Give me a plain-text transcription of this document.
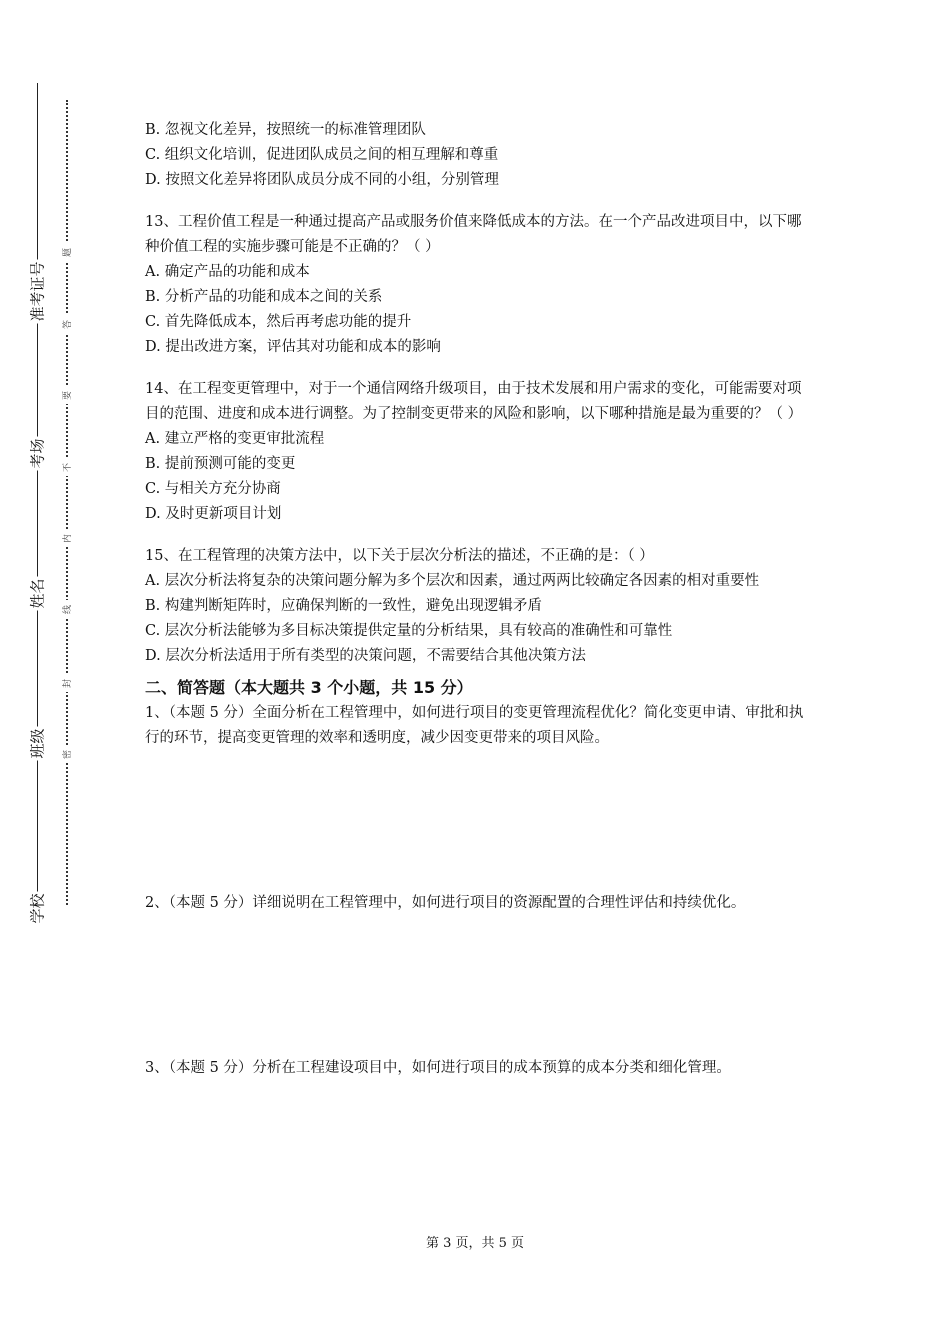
学校
班级
姓名
考场
准考证号
密
封
线
内
不
要
答
题
B. 忽视文化差异，按照统一的标准管理团队
C. 组织文化培训，促进团队成员之间的相互理解和尊重
D. 按照文化差异将团队成员分成不同的小组，分别管理

13、工程价值工程是一种通过提高产品或服务价值来降低成本的方法。在一个产品改进项目中，以下哪种价值工程的实施步骤可能是不正确的？（ ）

A. 确定产品的功能和成本
B. 分析产品的功能和成本之间的关系
C. 首先降低成本，然后再考虑功能的提升
D. 提出改进方案，评估其对功能和成本的影响

14、在工程变更管理中，对于一个通信网络升级项目，由于技术发展和用户需求的变化，可能需要对项目的范围、进度和成本进行调整。为了控制变更带来的风险和影响，以下哪种措施是最为重要的？（ ）

A. 建立严格的变更审批流程
B. 提前预测可能的变更
C. 与相关方充分协商
D. 及时更新项目计划

15、在工程管理的决策方法中，以下关于层次分析法的描述，不正确的是：（ ）

A. 层次分析法将复杂的决策问题分解为多个层次和因素，通过两两比较确定各因素的相对重要性
B. 构建判断矩阵时，应确保判断的一致性，避免出现逻辑矛盾
C. 层次分析法能够为多目标决策提供定量的分析结果，具有较高的准确性和可靠性
D. 层次分析法适用于所有类型的决策问题，不需要结合其他决策方法
二、简答题（本大题共 3 个小题，共 15 分）

1、（本题 5 分）全面分析在工程管理中，如何进行项目的变更管理流程优化？简化变更申请、审批和执行的环节，提高变更管理的效率和透明度，减少因变更带来的项目风险。

2、（本题 5 分）详细说明在工程管理中，如何进行项目的资源配置的合理性评估和持续优化。

3、（本题 5 分）分析在工程建设项目中，如何进行项目的成本预算的成本分类和细化管理。

第 3 页，共 5 页
